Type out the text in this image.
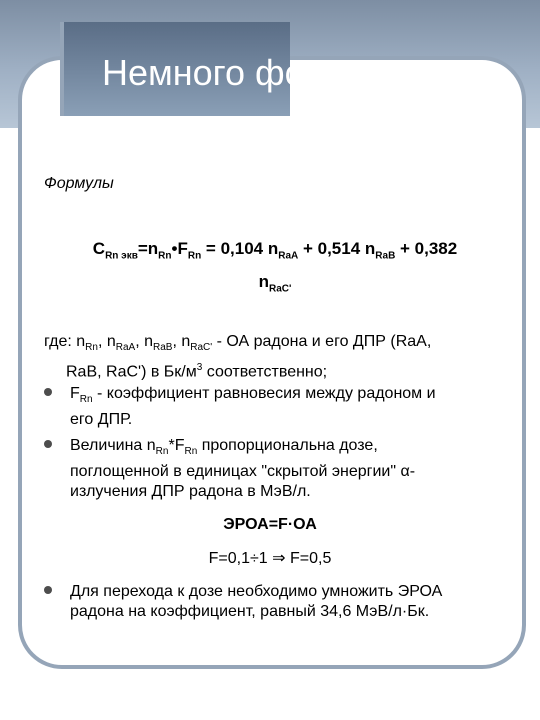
Немного формулы
Формулы
$C_{Rn экв}=n_{Rn}•F_{Rn} = 0,104$ $n_{RaA} + 0,514$ $n_{RaB} + 0,382$
$n_{RaC'}$
где: $n_{Rn}$, $n_{RaA}$, $n_{RaB}$, $n_{RaC'}$ - ОА радона и его ДПР (RaA,
RaB, RaC') в $Бк/м^3$ соответственно;
$F_{Rn}$ - коэффициент равновесия между радоном и
его ДПР.
Величина $n_{Rn}*F_{Rn}$ пропорциональна дозе,
поглощенной в единицах "скрытой энергии" α-
излучения ДПР радона в МэВ/л.
ЭРОА=F·ОА
F=0,1÷1 ⇒ F=0,5
Для перехода к дозе необходимо умножить ЭРОА
радона на коэффициент, равный 34,6 МэВ/л·Бк.
